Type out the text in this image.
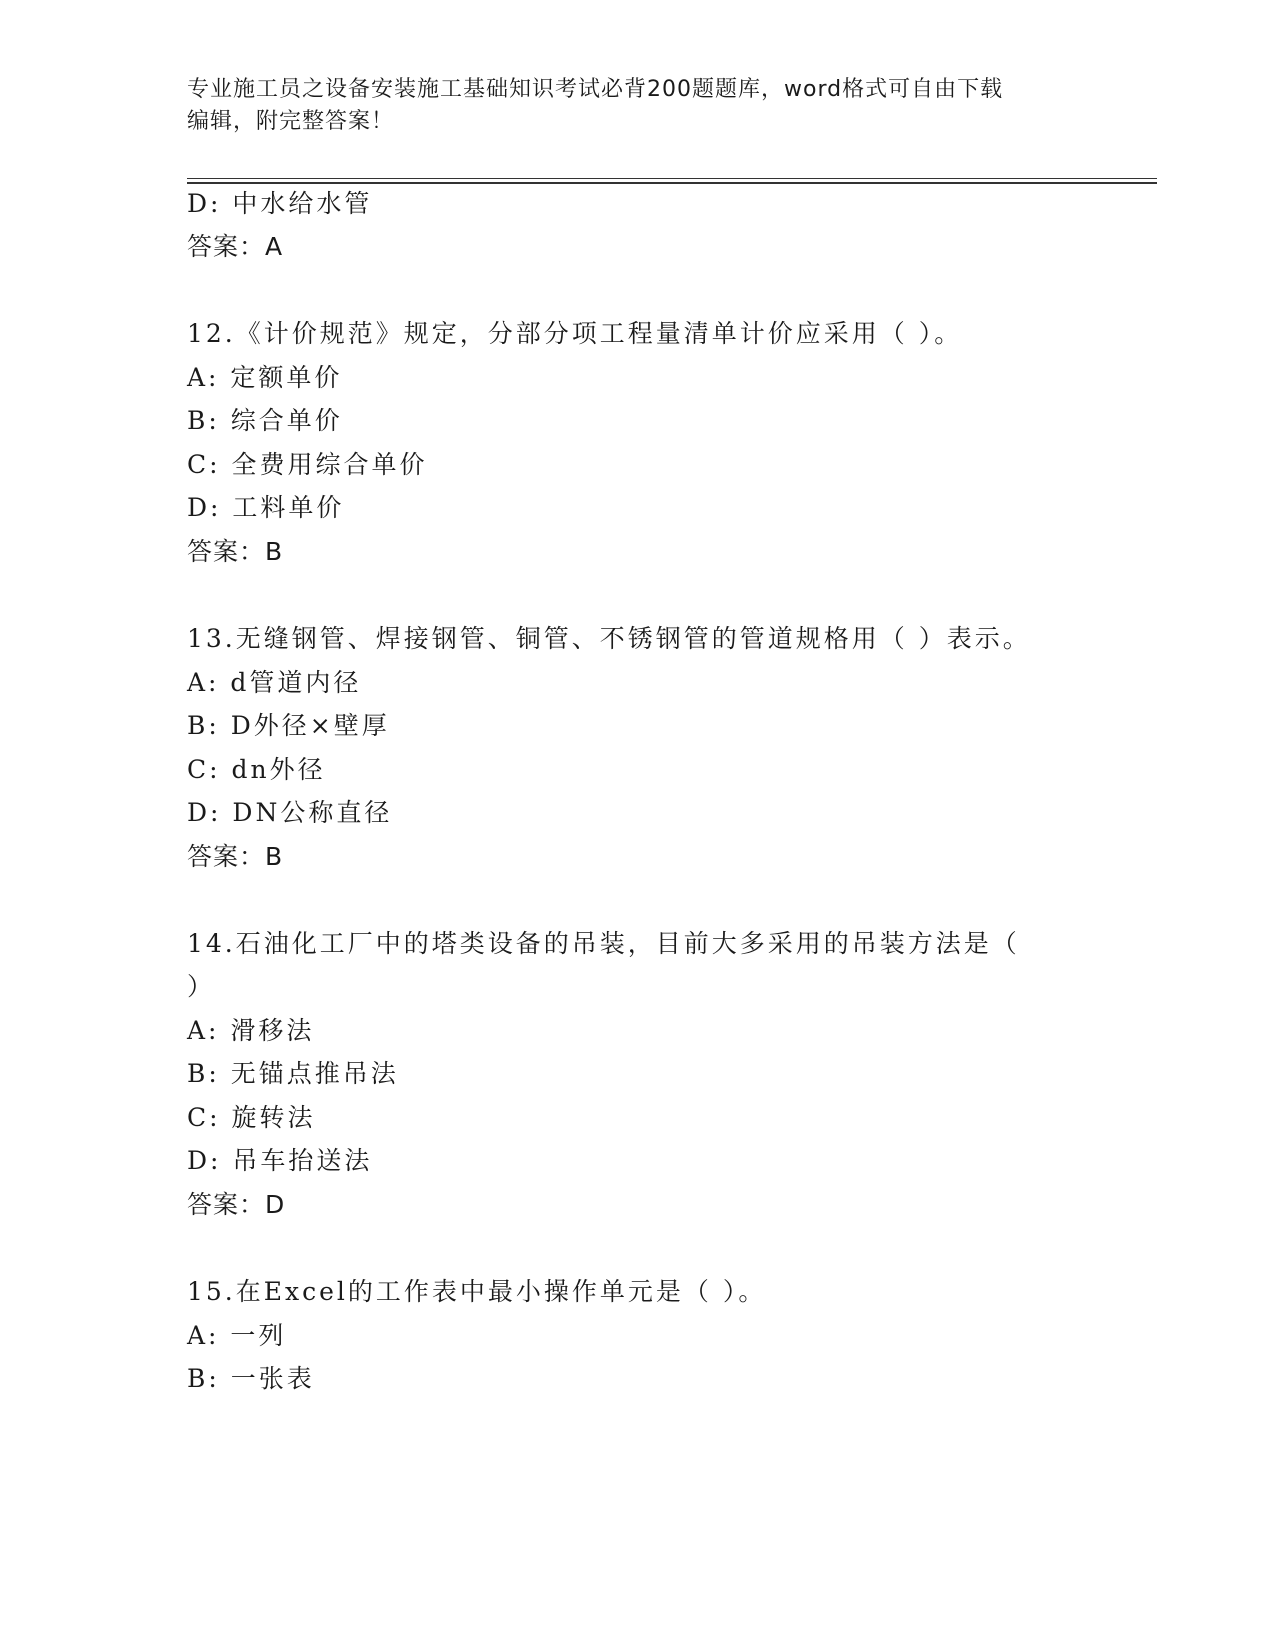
专业施工员之设备安装施工基础知识考试必背200题题库，word格式可自由下载
编辑，附完整答案！
D: 中水给水管
答案：A
12.《计价规范》规定，分部分项工程量清单计价应采用（ ）。
A: 定额单价
B: 综合单价
C: 全费用综合单价
D: 工料单价
答案：B
13.无缝钢管、焊接钢管、铜管、不锈钢管的管道规格用（ ）表示。
A: d管道内径
B: D外径×壁厚
C: dn外径
D: DN公称直径
答案：B
14.石油化工厂中的塔类设备的吊装，目前大多采用的吊装方法是（
）
A: 滑移法
B: 无锚点推吊法
C: 旋转法
D: 吊车抬送法
答案：D
15.在Excel的工作表中最小操作单元是（ ）。
A: 一列
B: 一张表
